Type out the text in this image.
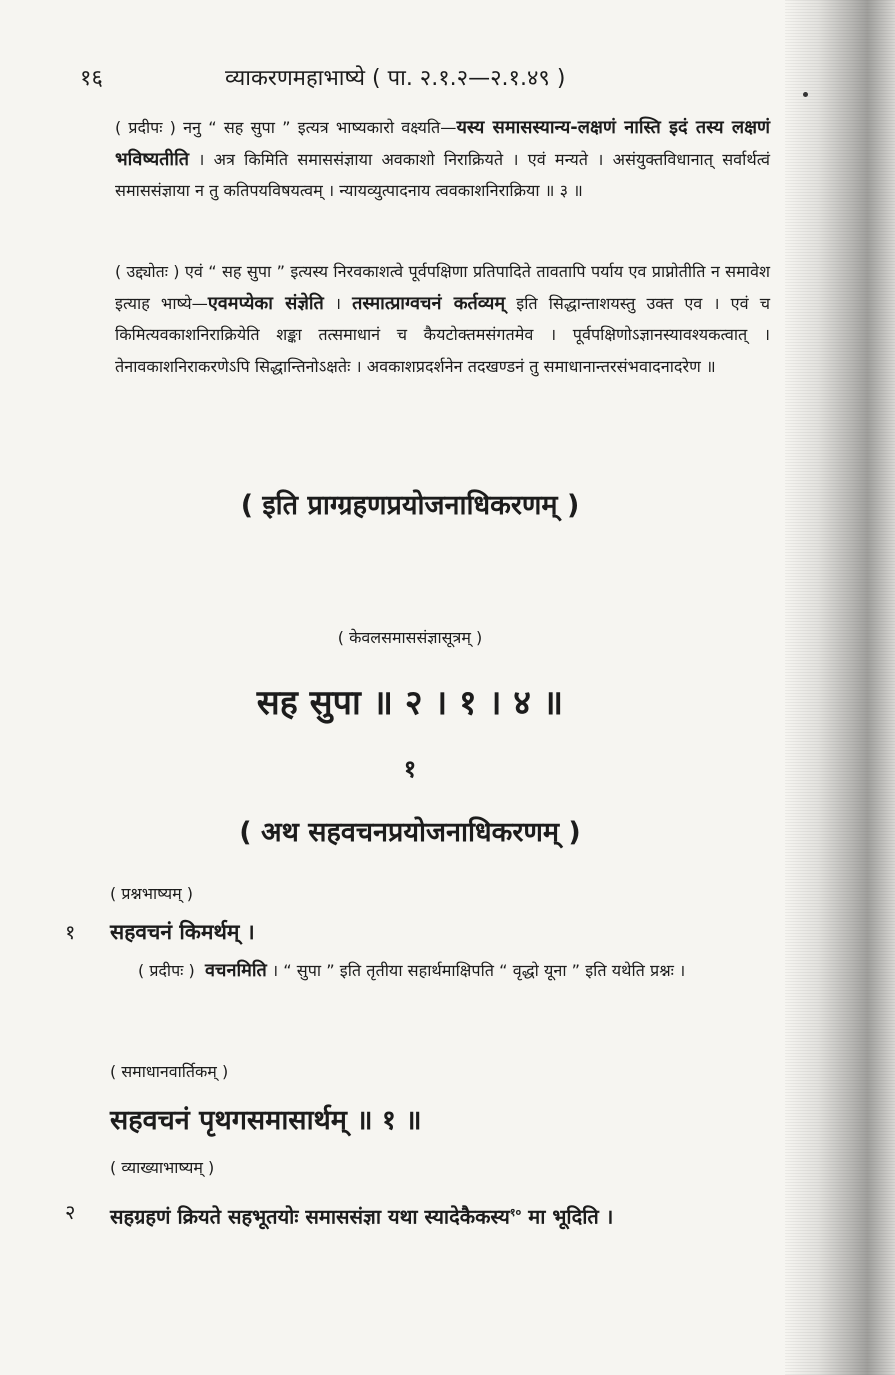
१६	व्याकरणमहाभाष्ये ( पा. २.१.२—२.१.४९ )
( प्रदीपः ) ननु “ सह सुपा ” इत्यत्र भाष्यकारो वक्ष्यति—यस्य समासस्यान्य-लक्षणं नास्ति इदं तस्य लक्षणं भविष्यतीति । अत्र किमिति समाससंज्ञाया अवकाशो निराक्रियते । एवं मन्यते । असंयुक्तविधानात् सर्वार्थत्वं समाससंज्ञाया न तु कतिपयविषयत्वम् । न्यायव्युत्पादनाय त्ववकाशनिराक्रिया ॥ ३ ॥
( उद्द्योतः ) एवं “ सह सुपा ” इत्यस्य निरवकाशत्वे पूर्वपक्षिणा प्रतिपादिते तावतापि पर्याय एव प्राप्नोतीति न समावेश इत्याह भाष्ये—एवमप्येका संज्ञेति । तस्मात्प्राग्वचनं कर्तव्यम् इति सिद्धान्ताशयस्तु उक्त एव । एवं च किमित्यवकाशनिराक्रियेति शङ्का तत्समाधानं च कैयटोक्तमसंगतमेव । पूर्वपक्षिणोऽज्ञानस्यावश्यकत्वात् । तेनावकाशनिराकरणेऽपि सिद्धान्तिनोऽक्षतेः । अवकाशप्रदर्शनेन तदखण्डनं तु समाधानान्तरसंभवादनादरेण ॥
( इति प्राग्ग्रहणप्रयोजनाधिकरणम् )
( केवलसमाससंज्ञासूत्रम् )
सह सुपा ॥ २ । १ । ४ ॥
१
( अथ सहवचनप्रयोजनाधिकरणम् )
( प्रश्नभाष्यम् )
१ सहवचनं किमर्थम् ।
( प्रदीपः ) वचनमिति । “ सुपा ” इति तृतीया सहार्थमाक्षिपति “ वृद्धो यूना ” इति यथेति प्रश्नः ।
( समाधानवार्तिकम् )
सहवचनं पृथगसमासार्थम् ॥ १ ॥
( व्याख्याभाष्यम् )
२ सहग्रहणं क्रियते सहभूतयोः समाससंज्ञा यथा स्यादेकैकस्य$^{१०}$ मा भूदिति ।
